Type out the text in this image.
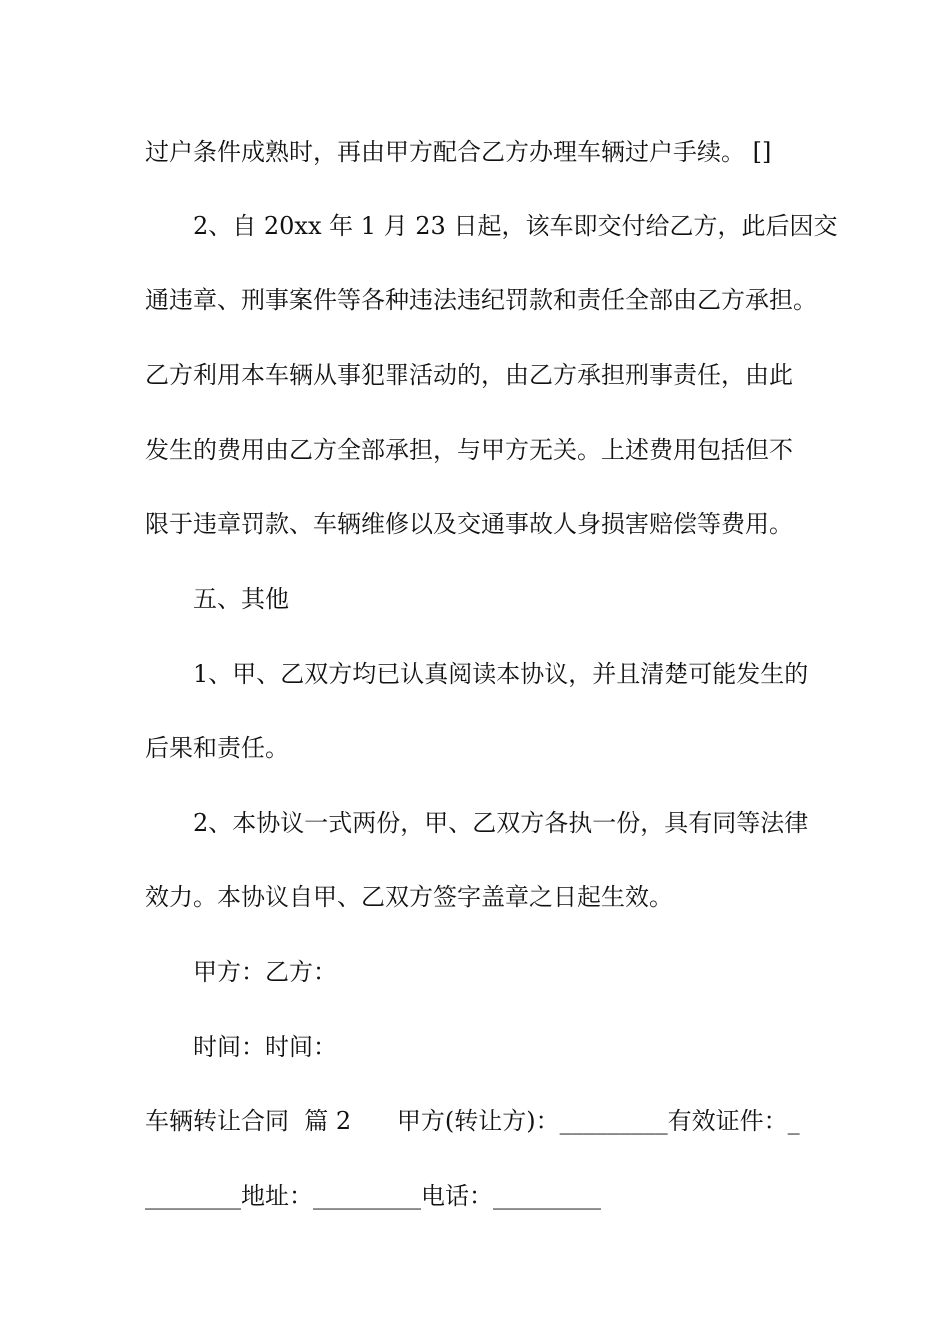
过户条件成熟时，再由甲方配合乙方办理车辆过户手续。 []
2、自 20xx 年 1 月 23 日起，该车即交付给乙方，此后因交
通违章、刑事案件等各种违法违纪罚款和责任全部由乙方承担。
乙方利用本车辆从事犯罪活动的，由乙方承担刑事责任，由此
发生的费用由乙方全部承担，与甲方无关。上述费用包括但不
限于违章罚款、车辆维修以及交通事故人身损害赔偿等费用。
五、其他
1、甲、乙双方均已认真阅读本协议，并且清楚可能发生的
后果和责任。
2、本协议一式两份，甲、乙双方各执一份，具有同等法律
效力。本协议自甲、乙双方签字盖章之日起生效。
甲方：乙方：
时间：时间：
车辆转让合同  篇 2      甲方(转让方)：_________有效证件：_
________地址：_________电话：_________
